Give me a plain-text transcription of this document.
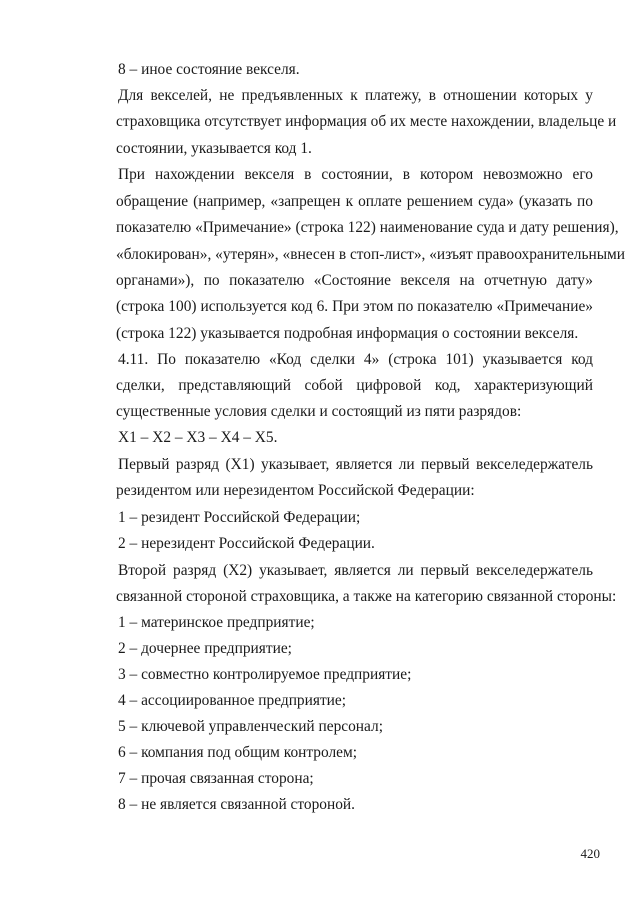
8 – иное состояние векселя.
Для векселей, не предъявленных к платежу, в отношении которых у
страховщика отсутствует информация об их месте нахождении, владельце и
состоянии, указывается код 1.
При нахождении векселя в состоянии, в котором невозможно его
обращение (например, «запрещен к оплате решением суда» (указать по
показателю «Примечание» (строка 122) наименование суда и дату решения),
«блокирован», «утерян», «внесен в стоп-лист», «изъят правоохранительными
органами»), по показателю «Состояние векселя на отчетную дату»
(строка 100) используется код 6. При этом по показателю «Примечание»
(строка 122) указывается подробная информация о состоянии векселя.
4.11. По показателю «Код сделки 4» (строка 101) указывается код
сделки, представляющий собой цифровой код, характеризующий
существенные условия сделки и состоящий из пяти разрядов:
X1 – X2 – X3 – X4 – X5.
Первый разряд (X1) указывает, является ли первый векселедержатель
резидентом или нерезидентом Российской Федерации:
1 – резидент Российской Федерации;
2 – нерезидент Российской Федерации.
Второй разряд (X2) указывает, является ли первый векселедержатель
связанной стороной страховщика, а также на категорию связанной стороны:
1 – материнское предприятие;
2 – дочернее предприятие;
3 – совместно контролируемое предприятие;
4 – ассоциированное предприятие;
5 – ключевой управленческий персонал;
6 – компания под общим контролем;
7 – прочая связанная сторона;
8 – не является связанной стороной.
420
